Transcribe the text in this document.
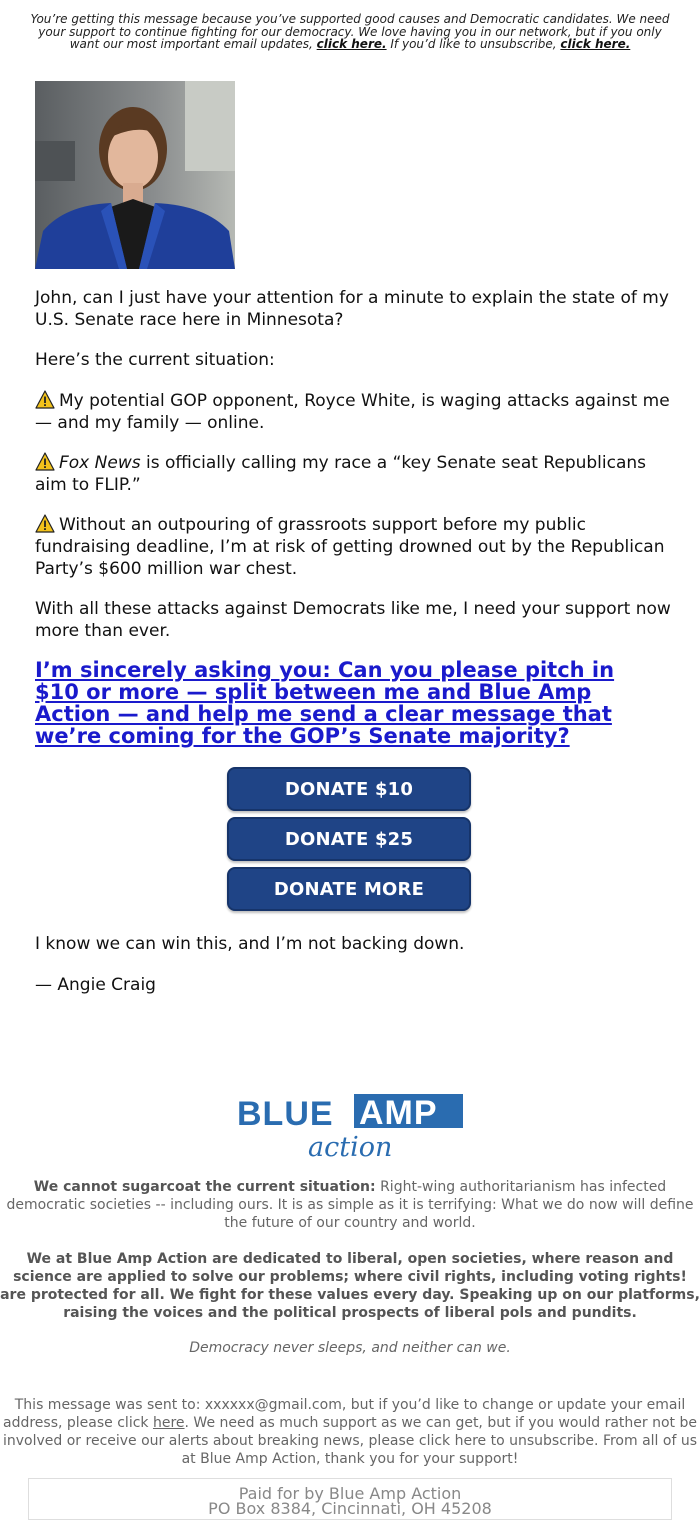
You’re getting this message because you’ve supported good causes and Democratic candidates. We need your support to continue fighting for our democracy. We love having you in our network, but if you only want our most important email updates, click here. If you’d like to unsubscribe, click here.
John, can I just have your attention for a minute to explain the state of my U.S. Senate race here in Minnesota?
Here’s the current situation:
My potential GOP opponent, Royce White, is waging attacks against me — and my family — online.
Fox News is officially calling my race a “key Senate seat Republicans aim to FLIP.”
Without an outpouring of grassroots support before my public fundraising deadline, I’m at risk of getting drowned out by the Republican Party’s $600 million war chest.
With all these attacks against Democrats like me, I need your support now more than ever.
I’m sincerely asking you: Can you please pitch in $10 or more — split between me and Blue Amp Action — and help me send a clear message that we’re coming for the GOP’s Senate majority?
DONATE $10
DONATE $25
DONATE MORE
I know we can win this, and I’m not backing down.
— Angie Craig
BLUE AMP
action
We cannot sugarcoat the current situation: Right-wing authoritarianism has infected democratic societies -- including ours. It is as simple as it is terrifying: What we do now will define the future of our country and world.
We at Blue Amp Action are dedicated to liberal, open societies, where reason and science are applied to solve our problems; where civil rights, including voting rights! are protected for all. We fight for these values every day. Speaking up on our platforms, raising the voices and the political prospects of liberal pols and pundits.
Democracy never sleeps, and neither can we.
This message was sent to: xxxxxx@gmail.com, but if you’d like to change or update your email address, please click here. We need as much support as we can get, but if you would rather not be involved or receive our alerts about breaking news, please click here to unsubscribe. From all of us at Blue Amp Action, thank you for your support!
Paid for by Blue Amp Action
PO Box 8384, Cincinnati, OH 45208
